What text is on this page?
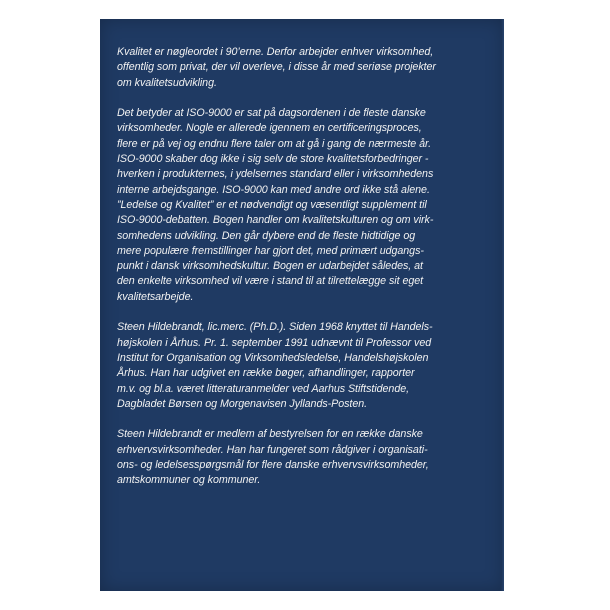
Kvalitet er nøgleordet i 90’erne. Derfor arbejder enhver virksomhed,
offentlig som privat, der vil overleve, i disse år med seriøse projekter
om kvalitetsudvikling.

Det betyder at ISO-9000 er sat på dagsordenen i de fleste danske
virksomheder. Nogle er allerede igennem en certificeringsproces,
flere er på vej og endnu flere taler om at gå i gang de nærmeste år.
ISO-9000 skaber dog ikke i sig selv de store kvalitetsforbedringer -
hverken i produkternes, i ydelsernes standard eller i virksomhedens
interne arbejdsgange. ISO-9000 kan med andre ord ikke stå alene.
”Ledelse og Kvalitet” er et nødvendigt og væsentligt supplement til
ISO-9000-debatten. Bogen handler om kvalitetskulturen og om virk-
somhedens udvikling. Den går dybere end de fleste hidtidige og
mere populære fremstillinger har gjort det, med primært udgangs-
punkt i dansk virksomhedskultur. Bogen er udarbejdet således, at
den enkelte virksomhed vil være i stand til at tilrettelægge sit eget
kvalitetsarbejde.

Steen Hildebrandt, lic.merc. (Ph.D.). Siden 1968 knyttet til Handels-
højskolen i Århus. Pr. 1. september 1991 udnævnt til Professor ved
Institut for Organisation og Virksomhedsledelse, Handelshøjskolen
Århus. Han har udgivet en række bøger, afhandlinger, rapporter
m.v. og bl.a. været litteraturanmelder ved Aarhus Stiftstidende,
Dagbladet Børsen og Morgenavisen Jyllands-Posten.

Steen Hildebrandt er medlem af bestyrelsen for en række danske
erhvervsvirksomheder. Han har fungeret som rådgiver i organisati-
ons- og ledelsesspørgsmål for flere danske erhvervsvirksomheder,
amtskommuner og kommuner.
